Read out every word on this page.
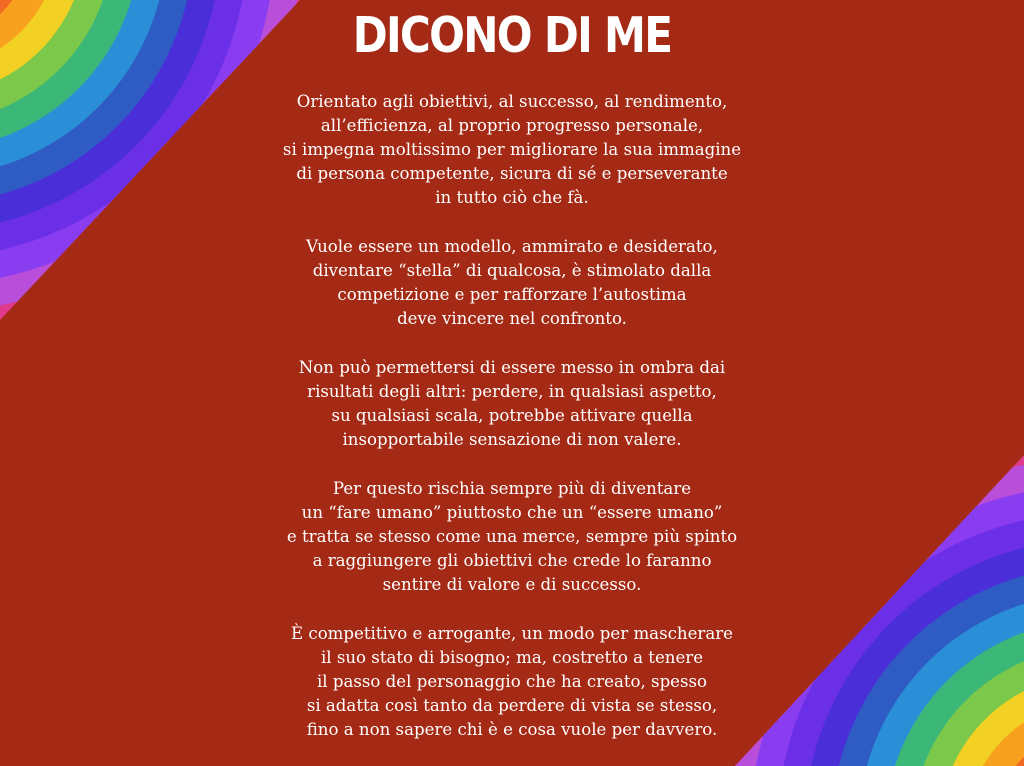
DICONO DI ME

Orientato agli obiettivi, al successo, al rendimento,
all’efficienza, al proprio progresso personale,
si impegna moltissimo per migliorare la sua immagine
di persona competente, sicura di sé e perseverante
in tutto ciò che fà.

Vuole essere un modello, ammirato e desiderato,
diventare “stella” di qualcosa, è stimolato dalla
competizione e per rafforzare l’autostima
deve vincere nel confronto.

Non può permettersi di essere messo in ombra dai
risultati degli altri: perdere, in qualsiasi aspetto,
su qualsiasi scala, potrebbe attivare quella
insopportabile sensazione di non valere.

Per questo rischia sempre più di diventare
un “fare umano” piuttosto che un “essere umano”
e tratta se stesso come una merce, sempre più spinto
a raggiungere gli obiettivi che crede lo faranno
sentire di valore e di successo.

È competitivo e arrogante, un modo per mascherare
il suo stato di bisogno; ma, costretto a tenere
il passo del personaggio che ha creato, spesso
si adatta così tanto da perdere di vista se stesso,
fino a non sapere chi è e cosa vuole per davvero.
